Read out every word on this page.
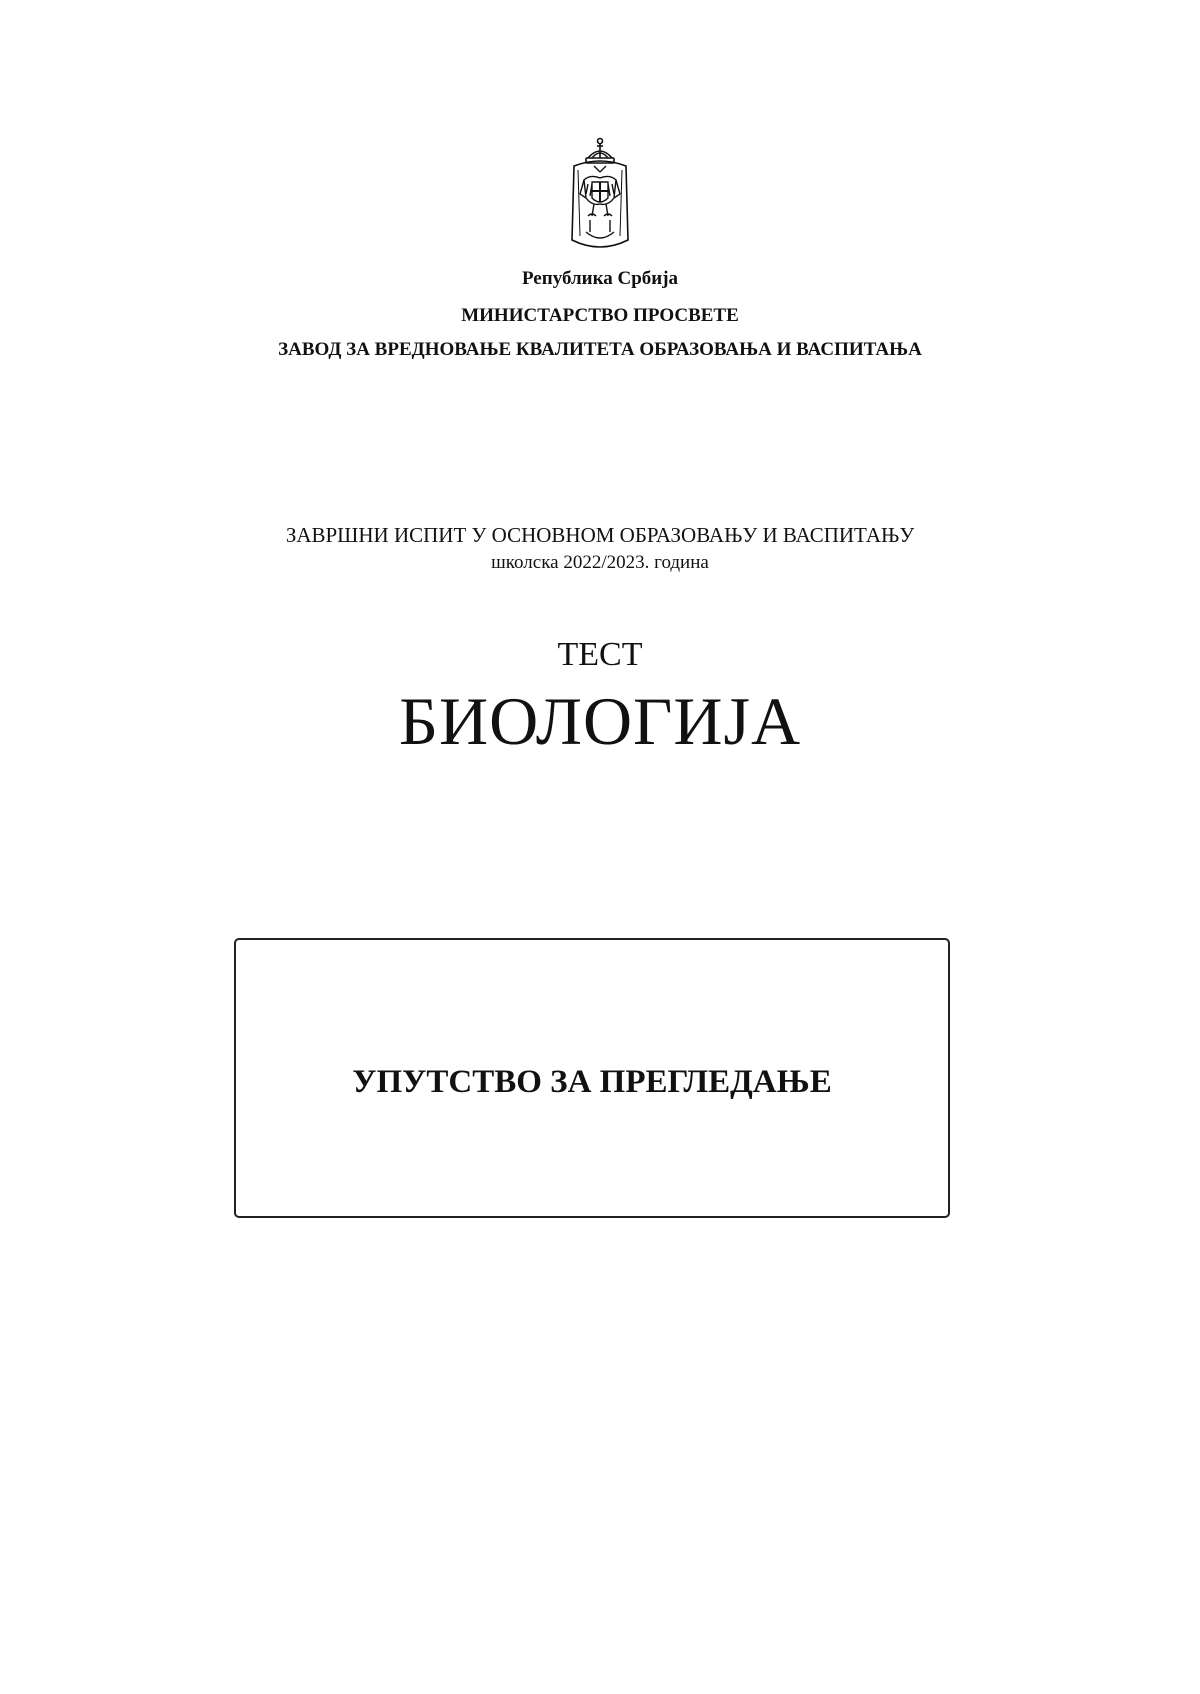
Република Србија
МИНИСТАРСТВО ПРОСВЕТЕ
ЗАВОД ЗА ВРЕДНОВАЊЕ КВАЛИТЕТА ОБРАЗОВАЊА И ВАСПИТАЊА
ЗАВРШНИ ИСПИТ У ОСНОВНОМ ОБРАЗОВАЊУ И ВАСПИТАЊУ
школска 2022/2023. година
ТЕСТ
БИОЛОГИЈА
УПУТСТВО ЗА ПРЕГЛЕДАЊЕ
